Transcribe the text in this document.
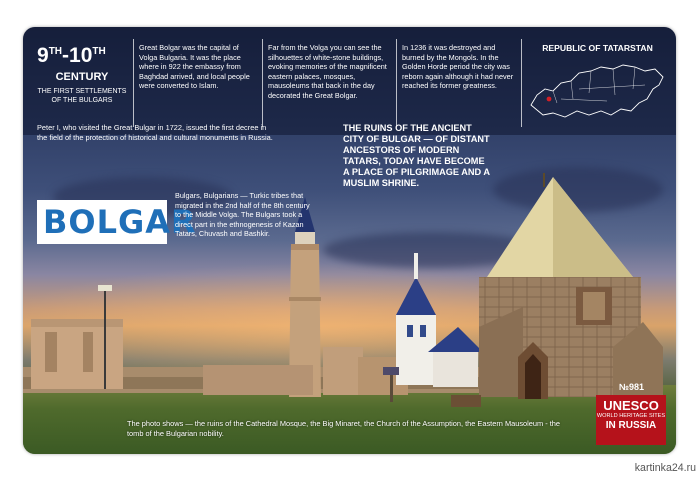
9TH-10TH
CENTURY
THE FIRST SETTLEMENTS OF THE BULGARS
Great Bolgar was the capital of Volga Bulgaria. It was the place where in 922 the embassy from Baghdad arrived, and local people were converted to Islam.
Far from the Volga you can see the silhouettes of white-stone buildings, evoking memories of the magnificent eastern palaces, mosques, mausoleums that back in the day decorated the Great Bolgar.
In 1236 it was destroyed and burned by the Mongols. In the Golden Horde period the city was reborn again although it had never reached its former greatness.
REPUBLIC OF TATARSTAN
Peter I, who visited the Great Bulgar in 1722, issued the first decree in the field of the protection of historical and cultural monuments in Russia.
THE RUINS OF THE ANCIENT CITY OF BULGAR — OF DISTANT ANCESTORS OF MODERN TATARS, TODAY HAVE BECOME A PLACE OF PILGRIMAGE AND A MUSLIM SHRINE.
BOLGAR
Bulgars, Bulgarians — Turkic tribes that migrated in the 2nd half of the 8th century to the Middle Volga. The Bulgars took a direct part in the ethnogenesis of Kazan Tatars, Chuvash and Bashkir.
№981
UNESCO
WORLD HERITAGE SITES
IN RUSSIA
The photo shows — the ruins of the Cathedral Mosque, the Big Minaret, the Church of the Assumption, the Eastern Mausoleum - the tomb of the Bulgarian nobility.
kartinka24.ru
